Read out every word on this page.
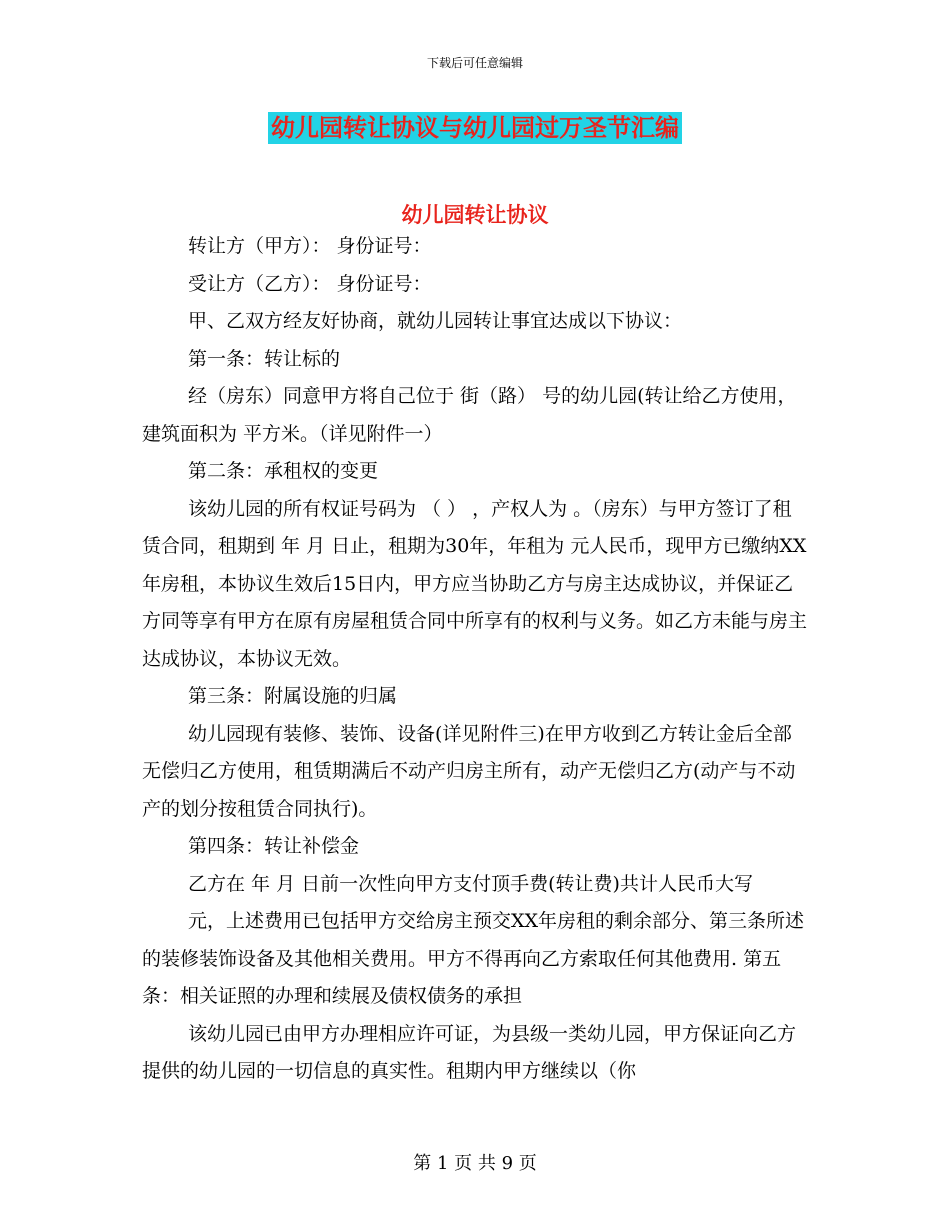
下载后可任意编辑
幼儿园转让协议与幼儿园过万圣节汇编
幼儿园转让协议

转让方（甲方）： 身份证号：

受让方（乙方）： 身份证号：

甲、乙双方经友好协商，就幼儿园转让事宜达成以下协议：

第一条：转让标的

经（房东）同意甲方将自己位于 街（路） 号的幼儿园(转让给乙方使用，建筑面积为 平方米。（详见附件一）

第二条：承租权的变更

该幼儿园的所有权证号码为 （ ） ，产权人为 。（房东）与甲方签订了租赁合同，租期到 年 月 日止，租期为30年，年租为 元人民币，现甲方已缴纳XX年房租，本协议生效后15日内，甲方应当协助乙方与房主达成协议，并保证乙方同等享有甲方在原有房屋租赁合同中所享有的权利与义务。如乙方未能与房主达成协议，本协议无效。

第三条：附属设施的归属

幼儿园现有装修、装饰、设备(详见附件三)在甲方收到乙方转让金后全部无偿归乙方使用，租赁期满后不动产归房主所有，动产无偿归乙方(动产与不动产的划分按租赁合同执行)。

第四条：转让补偿金

乙方在 年 月 日前一次性向甲方支付顶手费(转让费)共计人民币大写

元，上述费用已包括甲方交给房主预交XX年房租的剩余部分、第三条所述的装修装饰设备及其他相关费用。甲方不得再向乙方索取任何其他费用. 第五条：相关证照的办理和续展及债权债务的承担

该幼儿园已由甲方办理相应许可证，为县级一类幼儿园，甲方保证向乙方提供的幼儿园的一切信息的真实性。租期内甲方继续以（你

第 1 页 共 9 页
